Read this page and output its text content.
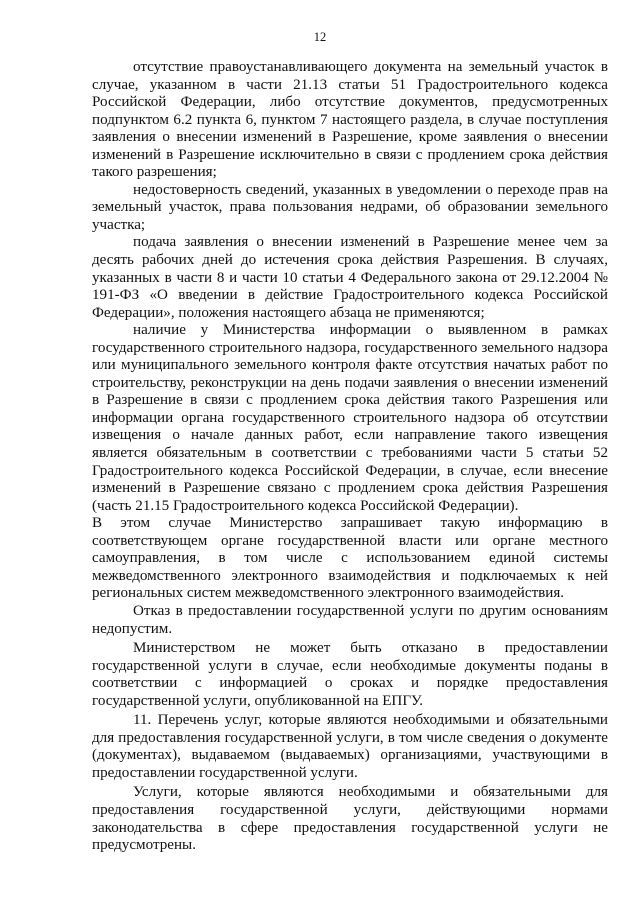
12

отсутствие правоустанавливающего документа на земельный участок в случае, указанном в части 21.13 статьи 51 Градостроительного кодекса Российской Федерации, либо отсутствие документов, предусмотренных подпунктом 6.2 пункта 6, пунктом 7 настоящего раздела, в случае поступления заявления о внесении изменений в Разрешение, кроме заявления о внесении изменений в Разрешение исключительно в связи с продлением срока действия такого разрешения;

недостоверность сведений, указанных в уведомлении о переходе прав на земельный участок, права пользования недрами, об образовании земельного участка;

подача заявления о внесении изменений в Разрешение менее чем за десять рабочих дней до истечения срока действия Разрешения. В случаях, указанных в части 8 и части 10 статьи 4 Федерального закона от 29.12.2004 № 191-ФЗ «О введении в действие Градостроительного кодекса Российской Федерации», положения настоящего абзаца не применяются;

наличие у Министерства информации о выявленном в рамках государственного строительного надзора, государственного земельного надзора или муниципального земельного контроля факте отсутствия начатых работ по строительству, реконструкции на день подачи заявления о внесении изменений в Разрешение в связи с продлением срока действия такого Разрешения или информации органа государственного строительного надзора об отсутствии извещения о начале данных работ, если направление такого извещения является обязательным в соответствии с требованиями части 5 статьи 52 Градостроительного кодекса Российской Федерации, в случае, если внесение изменений в Разрешение связано с продлением срока действия Разрешения (часть 21.15 Градостроительного кодекса Российской Федерации).

В этом случае Министерство запрашивает такую информацию в соответствующем органе государственной власти или органе местного самоуправления, в том числе с использованием единой системы межведомственного электронного взаимодействия и подключаемых к ней региональных систем межведомственного электронного взаимодействия.

Отказ в предоставлении государственной услуги по другим основаниям недопустим.

Министерством не может быть отказано в предоставлении государственной услуги в случае, если необходимые документы поданы в соответствии с информацией о сроках и порядке предоставления государственной услуги, опубликованной на ЕПГУ.

11. Перечень услуг, которые являются необходимыми и обязательными для предоставления государственной услуги, в том числе сведения о документе (документах), выдаваемом (выдаваемых) организациями, участвующими в предоставлении государственной услуги.

Услуги, которые являются необходимыми и обязательными для предоставления государственной услуги, действующими нормами законодательства в сфере предоставления государственной услуги не предусмотрены.
